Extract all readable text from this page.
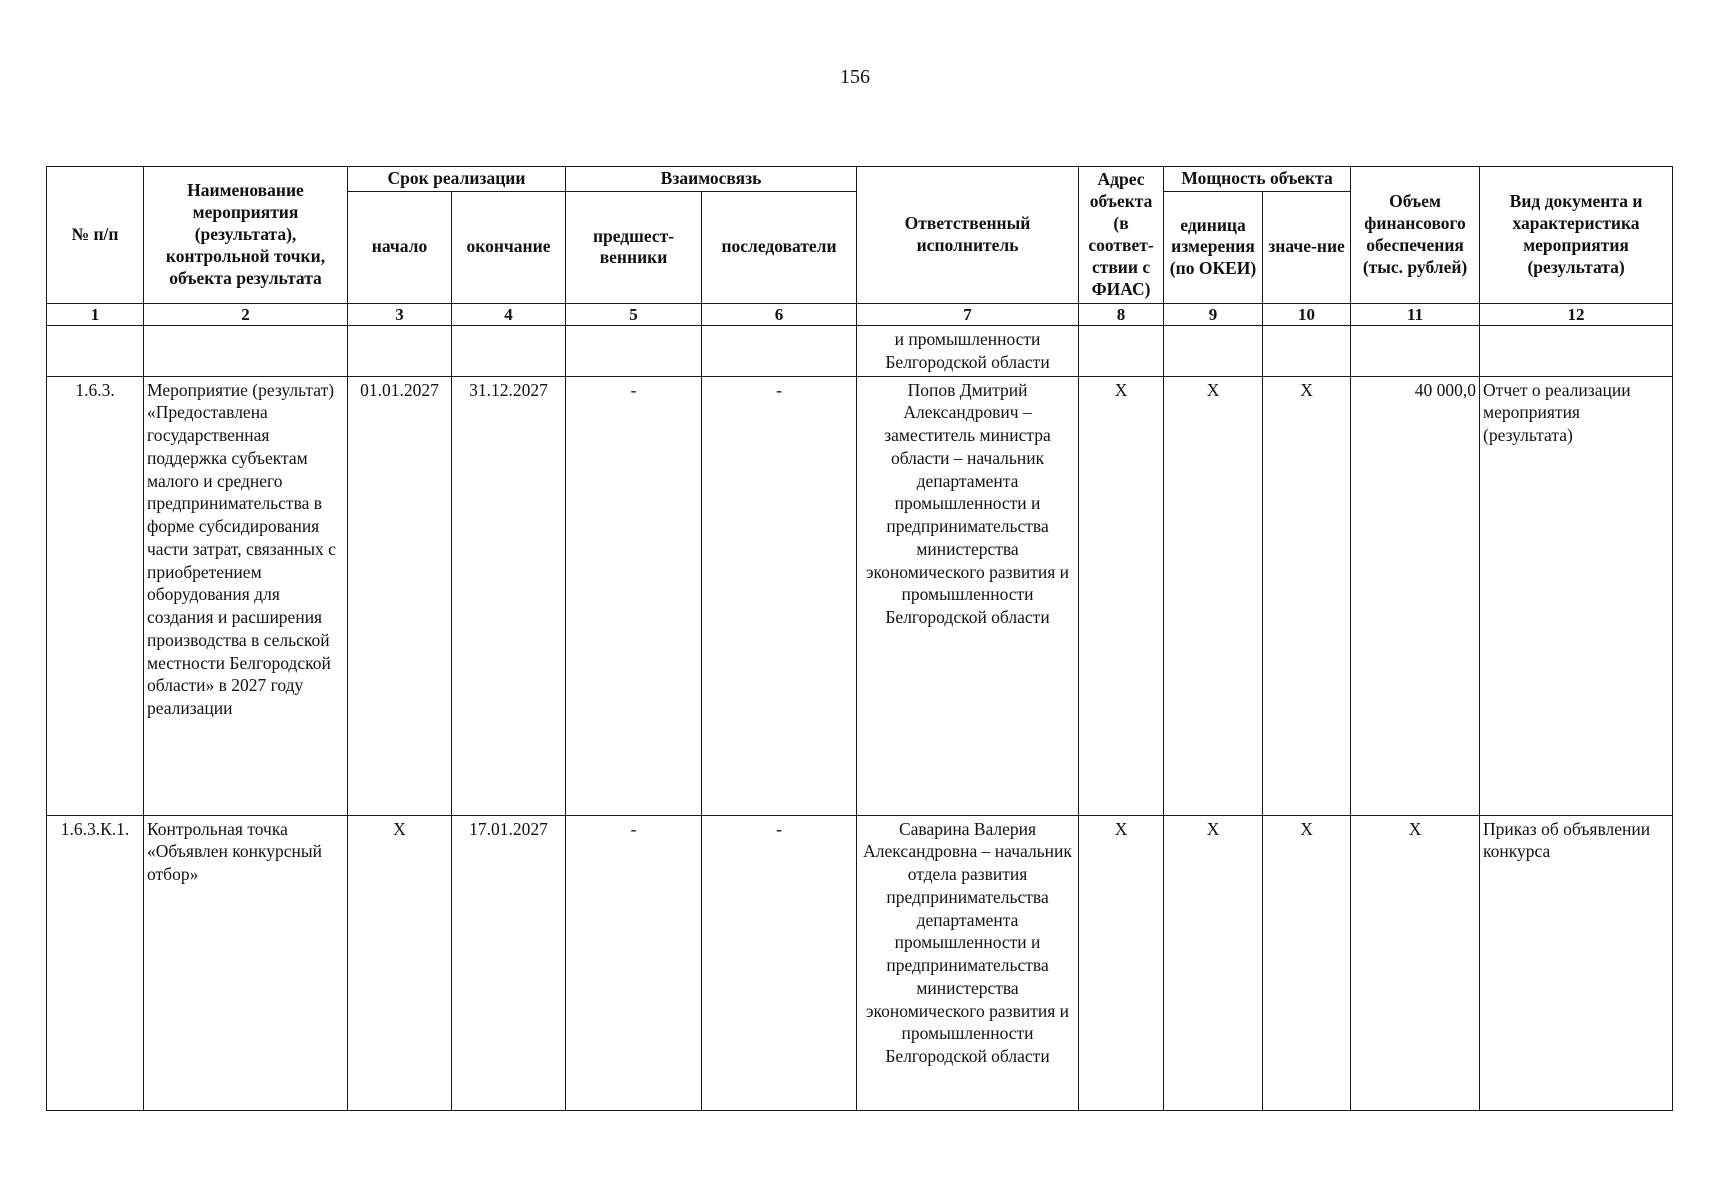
156
№ п/п	Наименование мероприятия (результата), контрольной точки, объекта результата	Срок реализации		Взаимосвязь		Ответственный исполнитель	Адрес объекта (в соответ-ствии с ФИАС)	Мощность объекта		Объем финансового обеспечения (тыс. рублей)	Вид документа и характеристика мероприятия (результата)
		начало	окончание	предшест-венники	последователи			единица измерения (по ОКЕИ)	значе-ние		
1	2	3	4	5	6	7	8	9	10	11	12
						и промышленности Белгородской области					
1.6.3.	Мероприятие (результат) «Предоставлена государственная поддержка субъектам малого и среднего предпринимательства в форме субсидирования части затрат, связанных с приобретением оборудования для создания и расширения производства в сельской местности Белгородской области» в 2027 году реализации	01.01.2027	31.12.2027	-	-	Попов Дмитрий Александрович – заместитель министра области – начальник департамента промышленности и предпринимательства министерства экономического развития и промышленности Белгородской области	Х	Х	Х	40 000,0	Отчет о реализации мероприятия (результата)
1.6.3.К.1.	Контрольная точка «Объявлен конкурсный отбор»	Х	17.01.2027	-	-	Саварина Валерия Александровна – начальник отдела развития предпринимательства департамента промышленности и предпринимательства министерства экономического развития и промышленности Белгородской области	Х	Х	Х	Х	Приказ об объявлении конкурса
